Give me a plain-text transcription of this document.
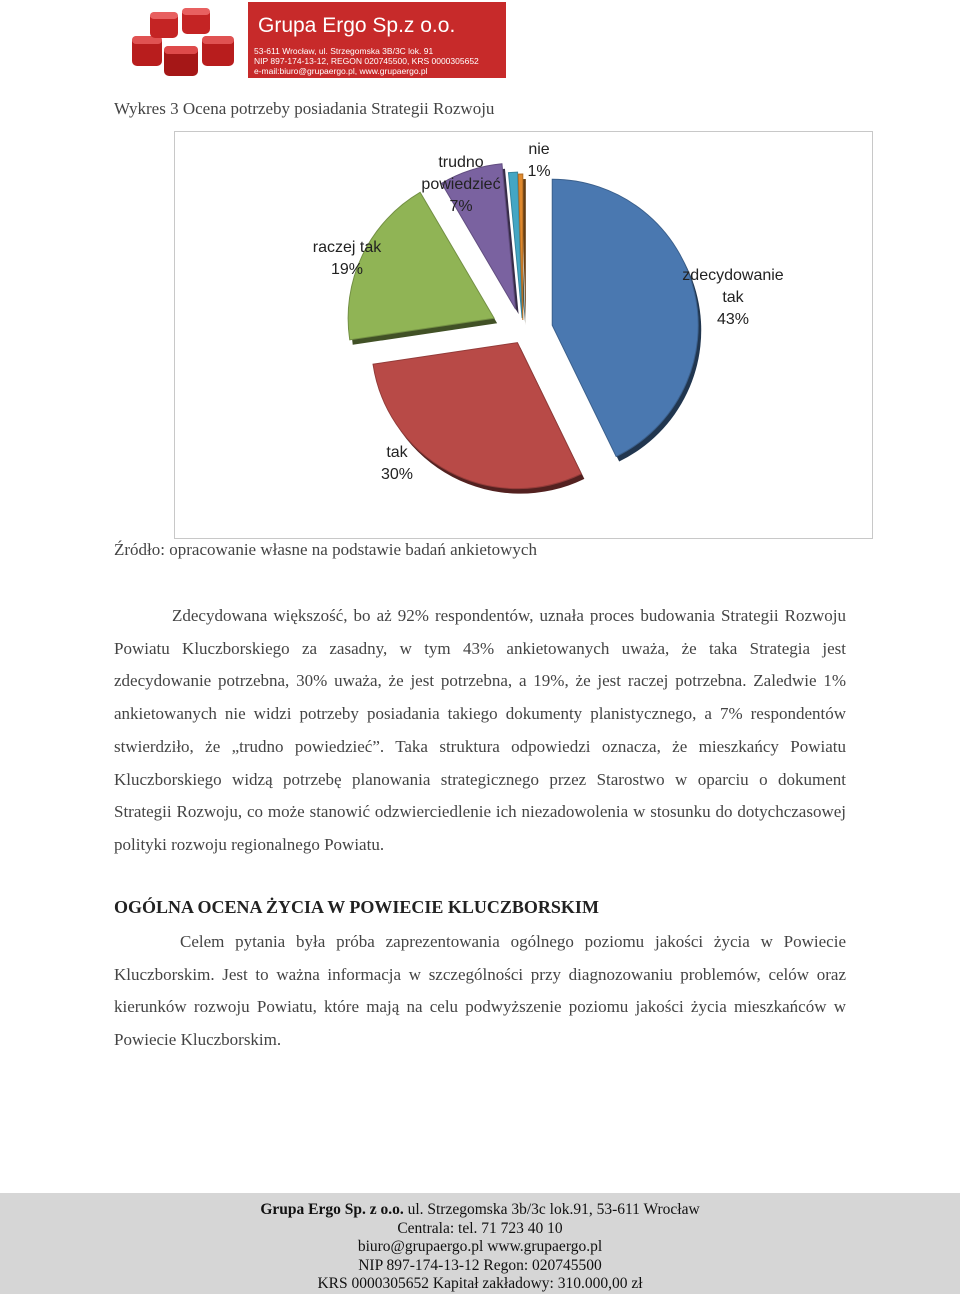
Grupa Ergo Sp.z o.o.
53-611 Wrocław, ul. Strzegomska 3B/3C lok. 91
NIP 897-174-13-12, REGON 020745500, KRS 0000305652
e-mail:biuro@grupaergo.pl, www.grupaergo.pl
Wykres 3 Ocena potrzeby posiadania Strategii Rozwoju
zdecydowanie tak 43%
tak 30%
raczej tak 19%
trudno powiedzieć 7%
nie 1%
Źródło: opracowanie własne na podstawie badań ankietowych

Zdecydowana większość, bo aż 92% respondentów, uznała proces budowania Strategii Rozwoju Powiatu Kluczborskiego za zasadny, w tym 43% ankietowanych uważa, że taka Strategia jest zdecydowanie potrzebna, 30% uważa, że jest potrzebna, a 19%, że jest raczej potrzebna. Zaledwie 1% ankietowanych nie widzi potrzeby posiadania takiego dokumenty planistycznego, a 7% respondentów stwierdziło, że „trudno powiedzieć”. Taka struktura odpowiedzi oznacza, że mieszkańcy Powiatu Kluczborskiego widzą potrzebę planowania strategicznego przez Starostwo w oparciu o dokument Strategii Rozwoju, co może stanowić odzwierciedlenie ich niezadowolenia w stosunku do dotychczasowej polityki rozwoju regionalnego Powiatu.

OGÓLNA OCENA ŻYCIA W POWIECIE KLUCZBORSKIM

Celem pytania była próba zaprezentowania ogólnego poziomu jakości życia w Powiecie Kluczborskim. Jest to ważna informacja w szczególności przy diagnozowaniu problemów, celów oraz kierunków rozwoju Powiatu, które mają na celu podwyższenie poziomu jakości życia mieszkańców w Powiecie Kluczborskim.

Grupa Ergo Sp. z o.o. ul. Strzegomska 3b/3c lok.91, 53-611 Wrocław
Centrala: tel. 71 723 40 10
biuro@grupaergo.pl www.grupaergo.pl
NIP 897-174-13-12 Regon: 020745500
KRS 0000305652 Kapitał zakładowy: 310.000,00 zł
